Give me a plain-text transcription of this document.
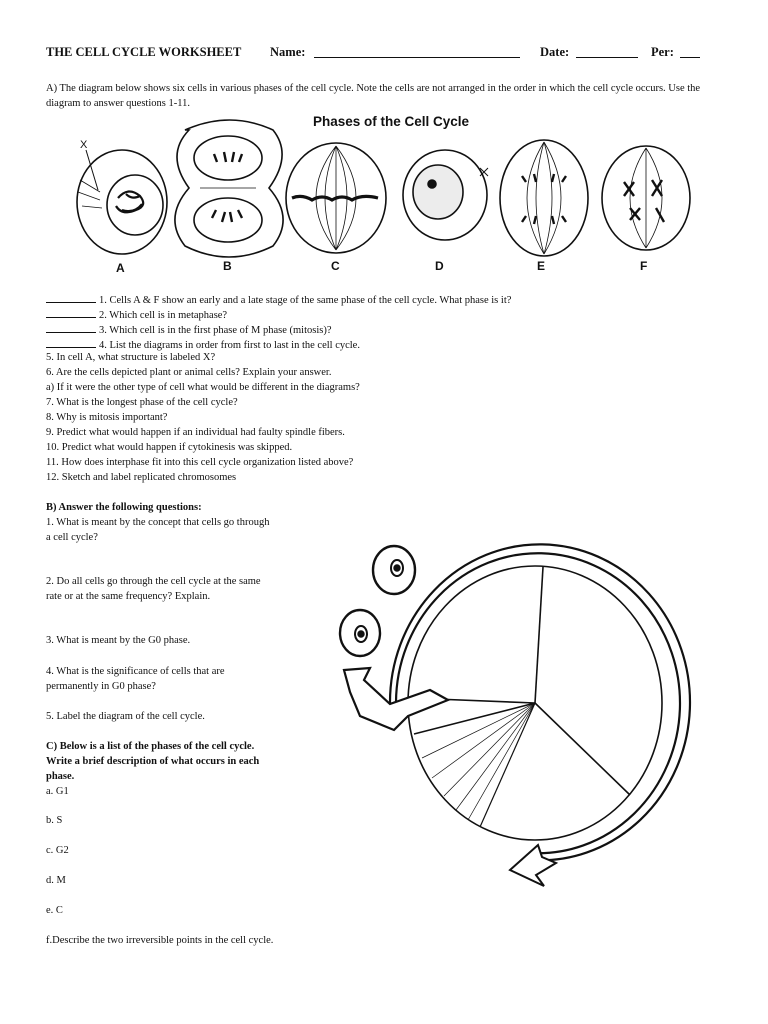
THE CELL CYCLE WORKSHEET Name:	Date:	Per:
A) The diagram below shows six cells in various phases of the cell cycle. Note the cells are not arranged in the order in which the cell cycle occurs. Use the diagram to answer questions 1-11.
Phases of the Cell Cycle
X
A	B	C	D	E	F
1. Cells A & F show an early and a late stage of the same phase of the cell cycle. What phase is it?
2. Which cell is in metaphase?
3. Which cell is in the first phase of M phase (mitosis)?
4. List the diagrams in order from first to last in the cell cycle.
5. In cell A, what structure is labeled X?
6. Are the cells depicted plant or animal cells? Explain your answer.
a) If it were the other type of cell what would be different in the diagrams?
7. What is the longest phase of the cell cycle?
8. Why is mitosis important?
9. Predict what would happen if an individual had faulty spindle fibers.
10. Predict what would happen if cytokinesis was skipped.
11. How does interphase fit into this cell cycle organization listed above?
12. Sketch and label replicated chromosomes
B) Answer the following questions:
1. What is meant by the concept that cells go through
a cell cycle?
2. Do all cells go through the cell cycle at the same
rate or at the same frequency? Explain.
3. What is meant by the G0 phase.
4. What is the significance of cells that are
permanently in G0 phase?
5. Label the diagram of the cell cycle.
C) Below is a list of the phases of the cell cycle.
Write a brief description of what occurs in each
phase.
a. G1
b. S
c. G2
d. M
e. C
f.Describe the two irreversible points in the cell cycle.
